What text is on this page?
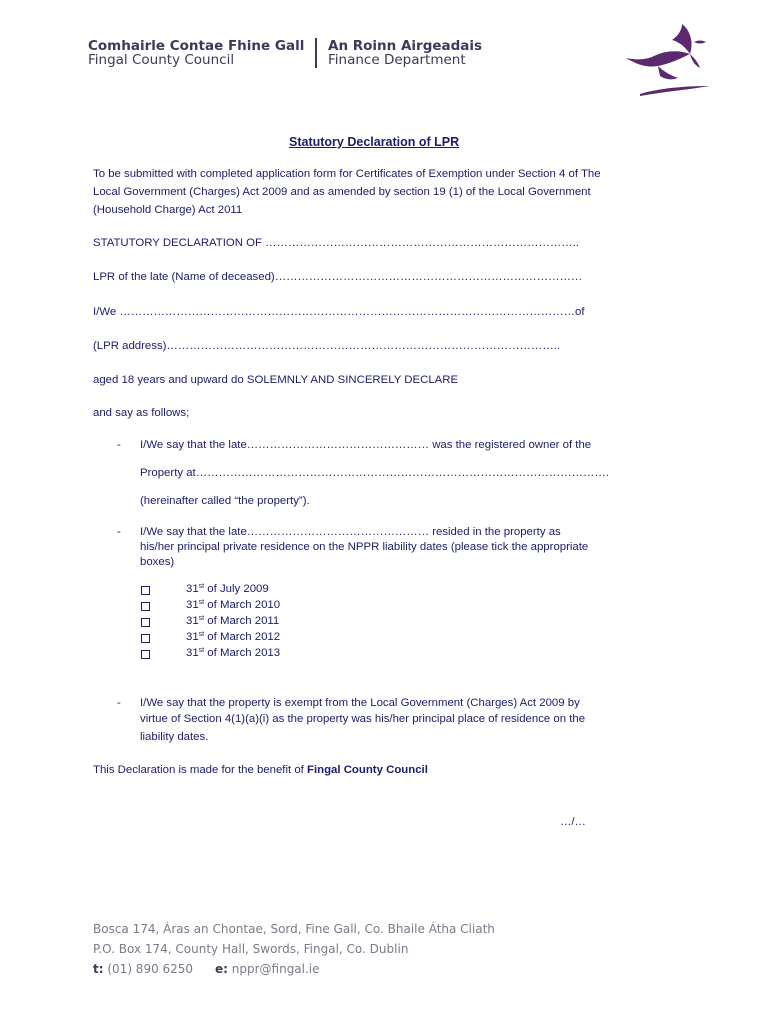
Comhairle Contae Fhine Gall
Fingal County Council
An Roinn Airgeadais
Finance Department
Statutory Declaration of LPR
To be submitted with completed application form for Certificates of Exemption under Section 4 of The
Local Government (Charges) Act 2009 and as amended by section 19 (1) of the Local Government
(Household Charge) Act 2011
STATUTORY DECLARATION OF ………………………………………………………………………..
LPR of the late (Name of deceased)………………………………………………………………………
I/We …………………………………………………………………………………………………………of
(LPR address)…………………………………………………………………………………………..
aged 18 years and upward do SOLEMNLY AND SINCERELY DECLARE
and say as follows;
- I/We say that the late………………………………………… was the registered owner of the
Property at……………………………………………………………………………………………….
(hereinafter called “the property”).
- I/We say that the late………………………………………… resided in the property as
his/her principal private residence on the NPPR liability dates (please tick the appropriate
boxes)
31st of July 2009
31st of March 2010
31st of March 2011
31st of March 2012
31st of March 2013
- I/We say that the property is exempt from the Local Government (Charges) Act 2009 by
virtue of Section 4(1)(a)(i) as the property was his/her principal place of residence on the
liability dates.
This Declaration is made for the benefit of Fingal County Council
…/…
Bosca 174, Áras an Chontae, Sord, Fine Gall, Co. Bhaile Átha Cliath
P.O. Box 174, County Hall, Swords, Fingal, Co. Dublin
t: (01) 890 6250 e: nppr@fingal.ie
